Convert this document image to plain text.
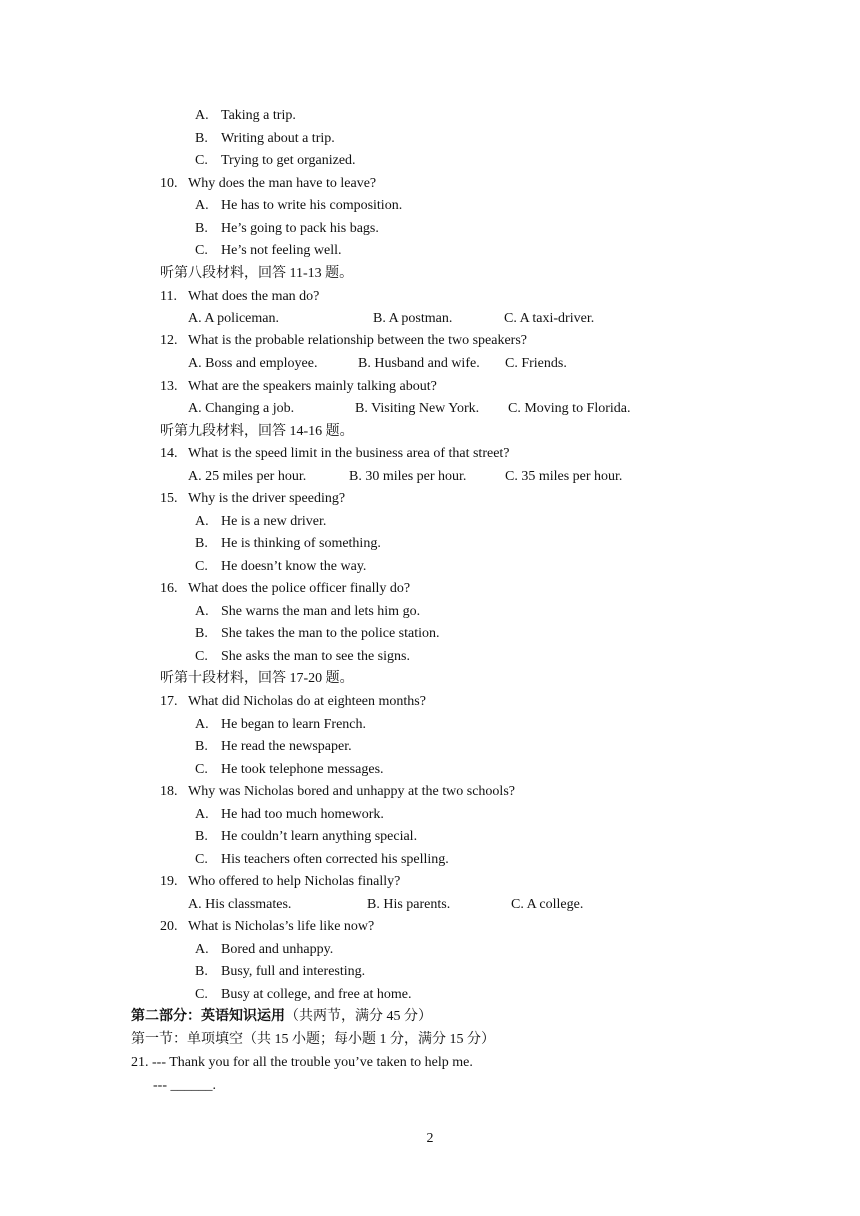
A. Taking a trip.
B. Writing about a trip.
C. Trying to get organized.
10. Why does the man have to leave?
A. He has to write his composition.
B. He’s going to pack his bags.
C. He’s not feeling well.
听第八段材料，回答 11-13 题。
11. What does the man do?
A. A policeman.	B. A postman.	C. A taxi-driver.
12. What is the probable relationship between the two speakers?
A. Boss and employee.	B. Husband and wife. C. Friends.
13. What are the speakers mainly talking about?
A. Changing a job.	B. Visiting New York. C. Moving to Florida.
听第九段材料，回答 14-16 题。
14. What is the speed limit in the business area of that street?
A. 25 miles per hour.	B. 30 miles per hour.	C. 35 miles per hour.
15. Why is the driver speeding?
A. He is a new driver.
B. He is thinking of something.
C. He doesn’t know the way.
16. What does the police officer finally do?
A. She warns the man and lets him go.
B. She takes the man to the police station.
C. She asks the man to see the signs.
听第十段材料，回答 17-20 题。
17. What did Nicholas do at eighteen months?
A. He began to learn French.
B. He read the newspaper.
C. He took telephone messages.
18. Why was Nicholas bored and unhappy at the two schools?
A. He had too much homework.
B. He couldn’t learn anything special.
C. His teachers often corrected his spelling.
19. Who offered to help Nicholas finally?
A. His classmates.	B. His parents.	C. A college.
20. What is Nicholas’s life like now?
A. Bored and unhappy.
B. Busy, full and interesting.
C. Busy at college, and free at home.
第二部分：英语知识运用（共两节，满分 45 分）
第一节：单项填空（共 15 小题；每小题 1 分，满分 15 分）
21. --- Thank you for all the trouble you’ve taken to help me.
--- ______.
2
